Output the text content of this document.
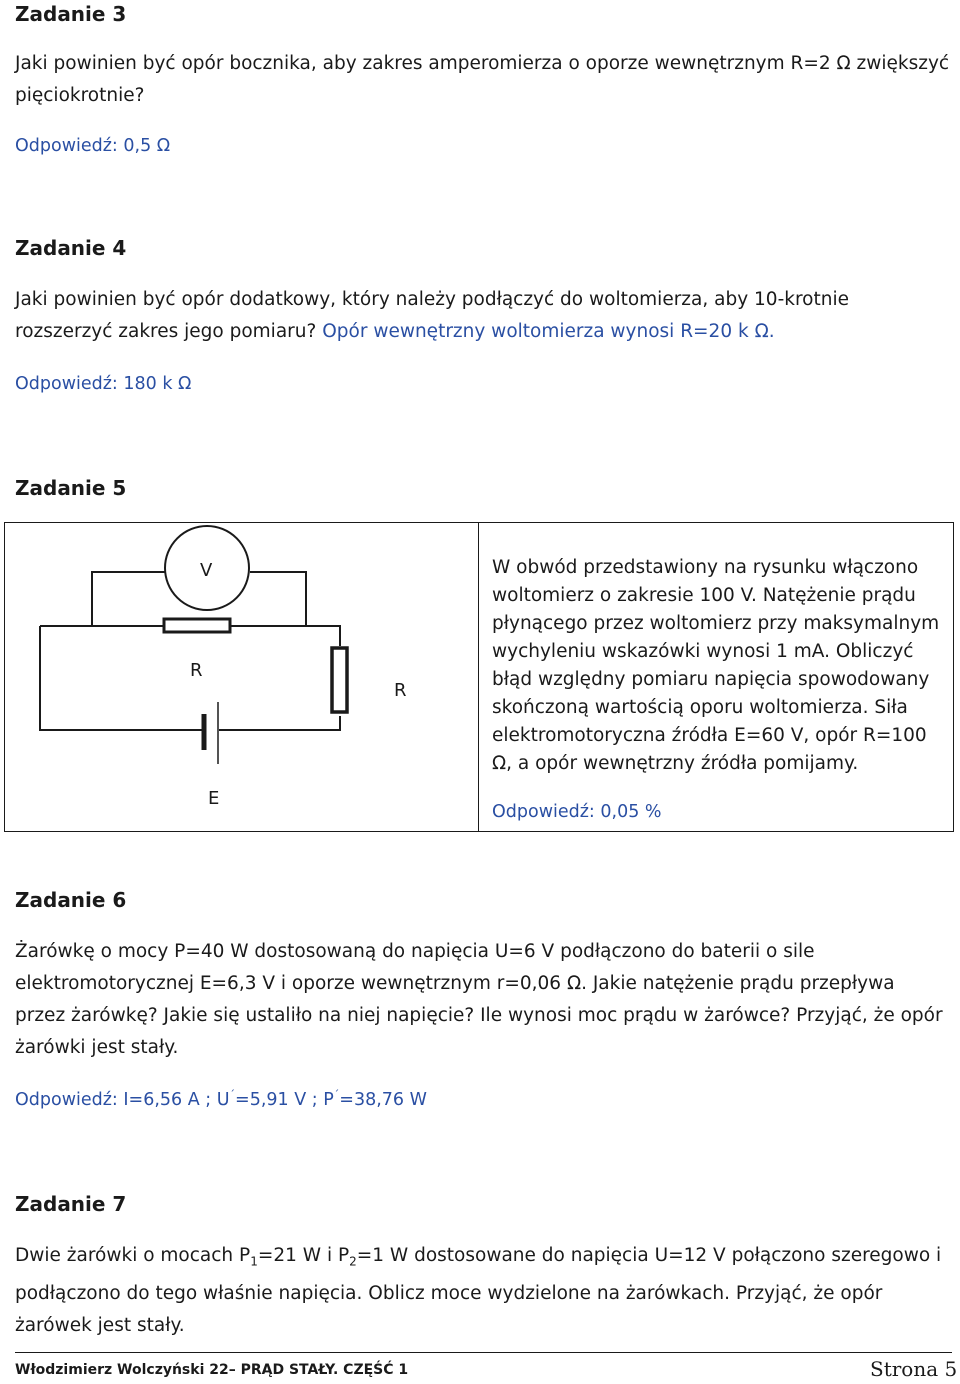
Zadanie 3
Jaki powinien być opór bocznika, aby zakres amperomierza o oporze wewnętrznym R=2 Ω zwiększyć pięciokrotnie?
Odpowiedź: 0,5 Ω
Zadanie 4
Jaki powinien być opór dodatkowy, który należy podłączyć do woltomierza, aby 10-krotnie rozszerzyć zakres jego pomiaru? Opór wewnętrzny woltomierza wynosi R=20 k Ω.
Odpowiedź: 180 k Ω
Zadanie 5
V
R
R
E
W obwód przedstawiony na rysunku włączono woltomierz o zakresie 100 V. Natężenie prądu płynącego przez woltomierz przy maksymalnym wychyleniu wskazówki wynosi 1 mA. Obliczyć błąd względny pomiaru napięcia spowodowany skończoną wartością oporu woltomierza. Siła elektromotoryczna źródła E=60 V, opór R=100 Ω, a opór wewnętrzny źródła pomijamy.
Odpowiedź: 0,05 %
Zadanie 6
Żarówkę o mocy P=40 W dostosowaną do napięcia U=6 V podłączono do baterii o sile elektromotorycznej E=6,3 V i oporze wewnętrznym r=0,06 Ω. Jakie natężenie prądu przepływa przez żarówkę? Jakie się ustaliło na niej napięcie? Ile wynosi moc prądu w żarówce? Przyjąć, że opór żarówki jest stały.
Odpowiedź: I=6,56 A ; U´=5,91 V ; P´=38,76 W
Zadanie 7
Dwie żarówki o mocach $P_1=21$ W i $P_2=1$ W dostosowane do napięcia U=12 V połączono szeregowo i podłączono do tego właśnie napięcia. Oblicz moce wydzielone na żarówkach. Przyjąć, że opór żarówek jest stały.
Włodzimierz Wolczyński 22– PRĄD STAŁY. CZĘŚĆ 1	Strona 5
